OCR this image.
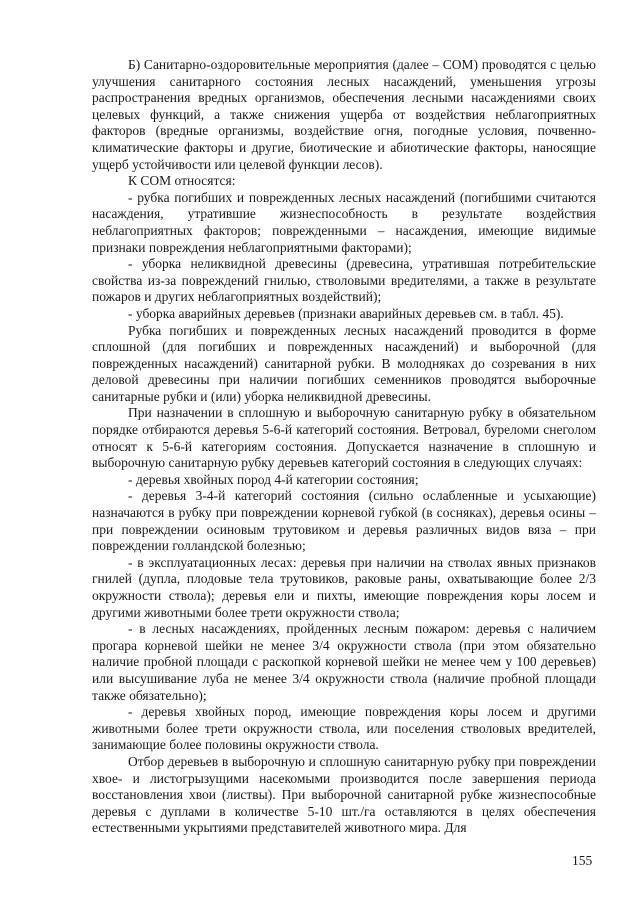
Б) Санитарно-оздоровительные мероприятия (далее – СОМ) проводятся с целью улучшения санитарного состояния лесных насаждений, уменьшения угрозы распространения вредных организмов, обеспечения лесными насаждениями своих целевых функций, а также снижения ущерба от воздействия неблагоприятных факторов (вредные организмы, воздействие огня, погодные условия, почвенно-климатические факторы и другие, биотические и абиотические факторы, наносящие ущерб устойчивости или целевой функции лесов).

К СОМ относятся:

- рубка погибших и поврежденных лесных насаждений (погибшими считаются насаждения, утратившие жизнеспособность в результате воздействия неблагоприятных факторов; поврежденными – насаждения, имеющие видимые признаки повреждения неблагоприятными факторами);

- уборка неликвидной древесины (древесина, утратившая потребительские свойства из-за повреждений гнилью, стволовыми вредителями, а также в результате пожаров и других неблагоприятных воздействий);

- уборка аварийных деревьев (признаки аварийных деревьев см. в табл. 45).

Рубка погибших и поврежденных лесных насаждений проводится в форме сплошной (для погибших и поврежденных насаждений) и выборочной (для поврежденных насаждений) санитарной рубки. В молодняках до созревания в них деловой древесины при наличии погибших семенников проводятся выборочные санитарные рубки и (или) уборка неликвидной древесины.

При назначении в сплошную и выборочную санитарную рубку в обязательном порядке отбираются деревья 5-6-й категорий состояния. Ветровал, буреломи снеголом относят к 5-6-й категориям состояния. Допускается назначение в сплошную и выборочную санитарную рубку деревьев категорий состояния в следующих случаях:

- деревья хвойных пород 4-й категории состояния;

- деревья 3-4-й категорий состояния (сильно ослабленные и усыхающие) назначаются в рубку при повреждении корневой губкой (в сосняках), деревья осины – при повреждении осиновым трутовиком и деревья различных видов вяза – при повреждении голландской болезнью;

- в эксплуатационных лесах: деревья при наличии на стволах явных признаков гнилей (дупла, плодовые тела трутовиков, раковые раны, охватывающие более 2/3 окружности ствола); деревья ели и пихты, имеющие повреждения коры лосем и другими животными более трети окружности ствола;

- в лесных насаждениях, пройденных лесным пожаром: деревья с наличием прогара корневой шейки не менее 3/4 окружности ствола (при этом обязательно наличие пробной площади с раскопкой корневой шейки не менее чем у 100 деревьев) или высушивание луба не менее 3/4 окружности ствола (наличие пробной площади также обязательно);

- деревья хвойных пород, имеющие повреждения коры лосем и другими животными более трети окружности ствола, или поселения стволовых вредителей, занимающие более половины окружности ствола.

Отбор деревьев в выборочную и сплошную санитарную рубку при повреждении хвое- и листогрызущими насекомыми производится после завершения периода восстановления хвои (листвы). При выборочной санитарной рубке жизнеспособные деревья с дуплами в количестве 5-10 шт./га оставляются в целях обеспечения естественными укрытиями представителей животного мира. Для

155
